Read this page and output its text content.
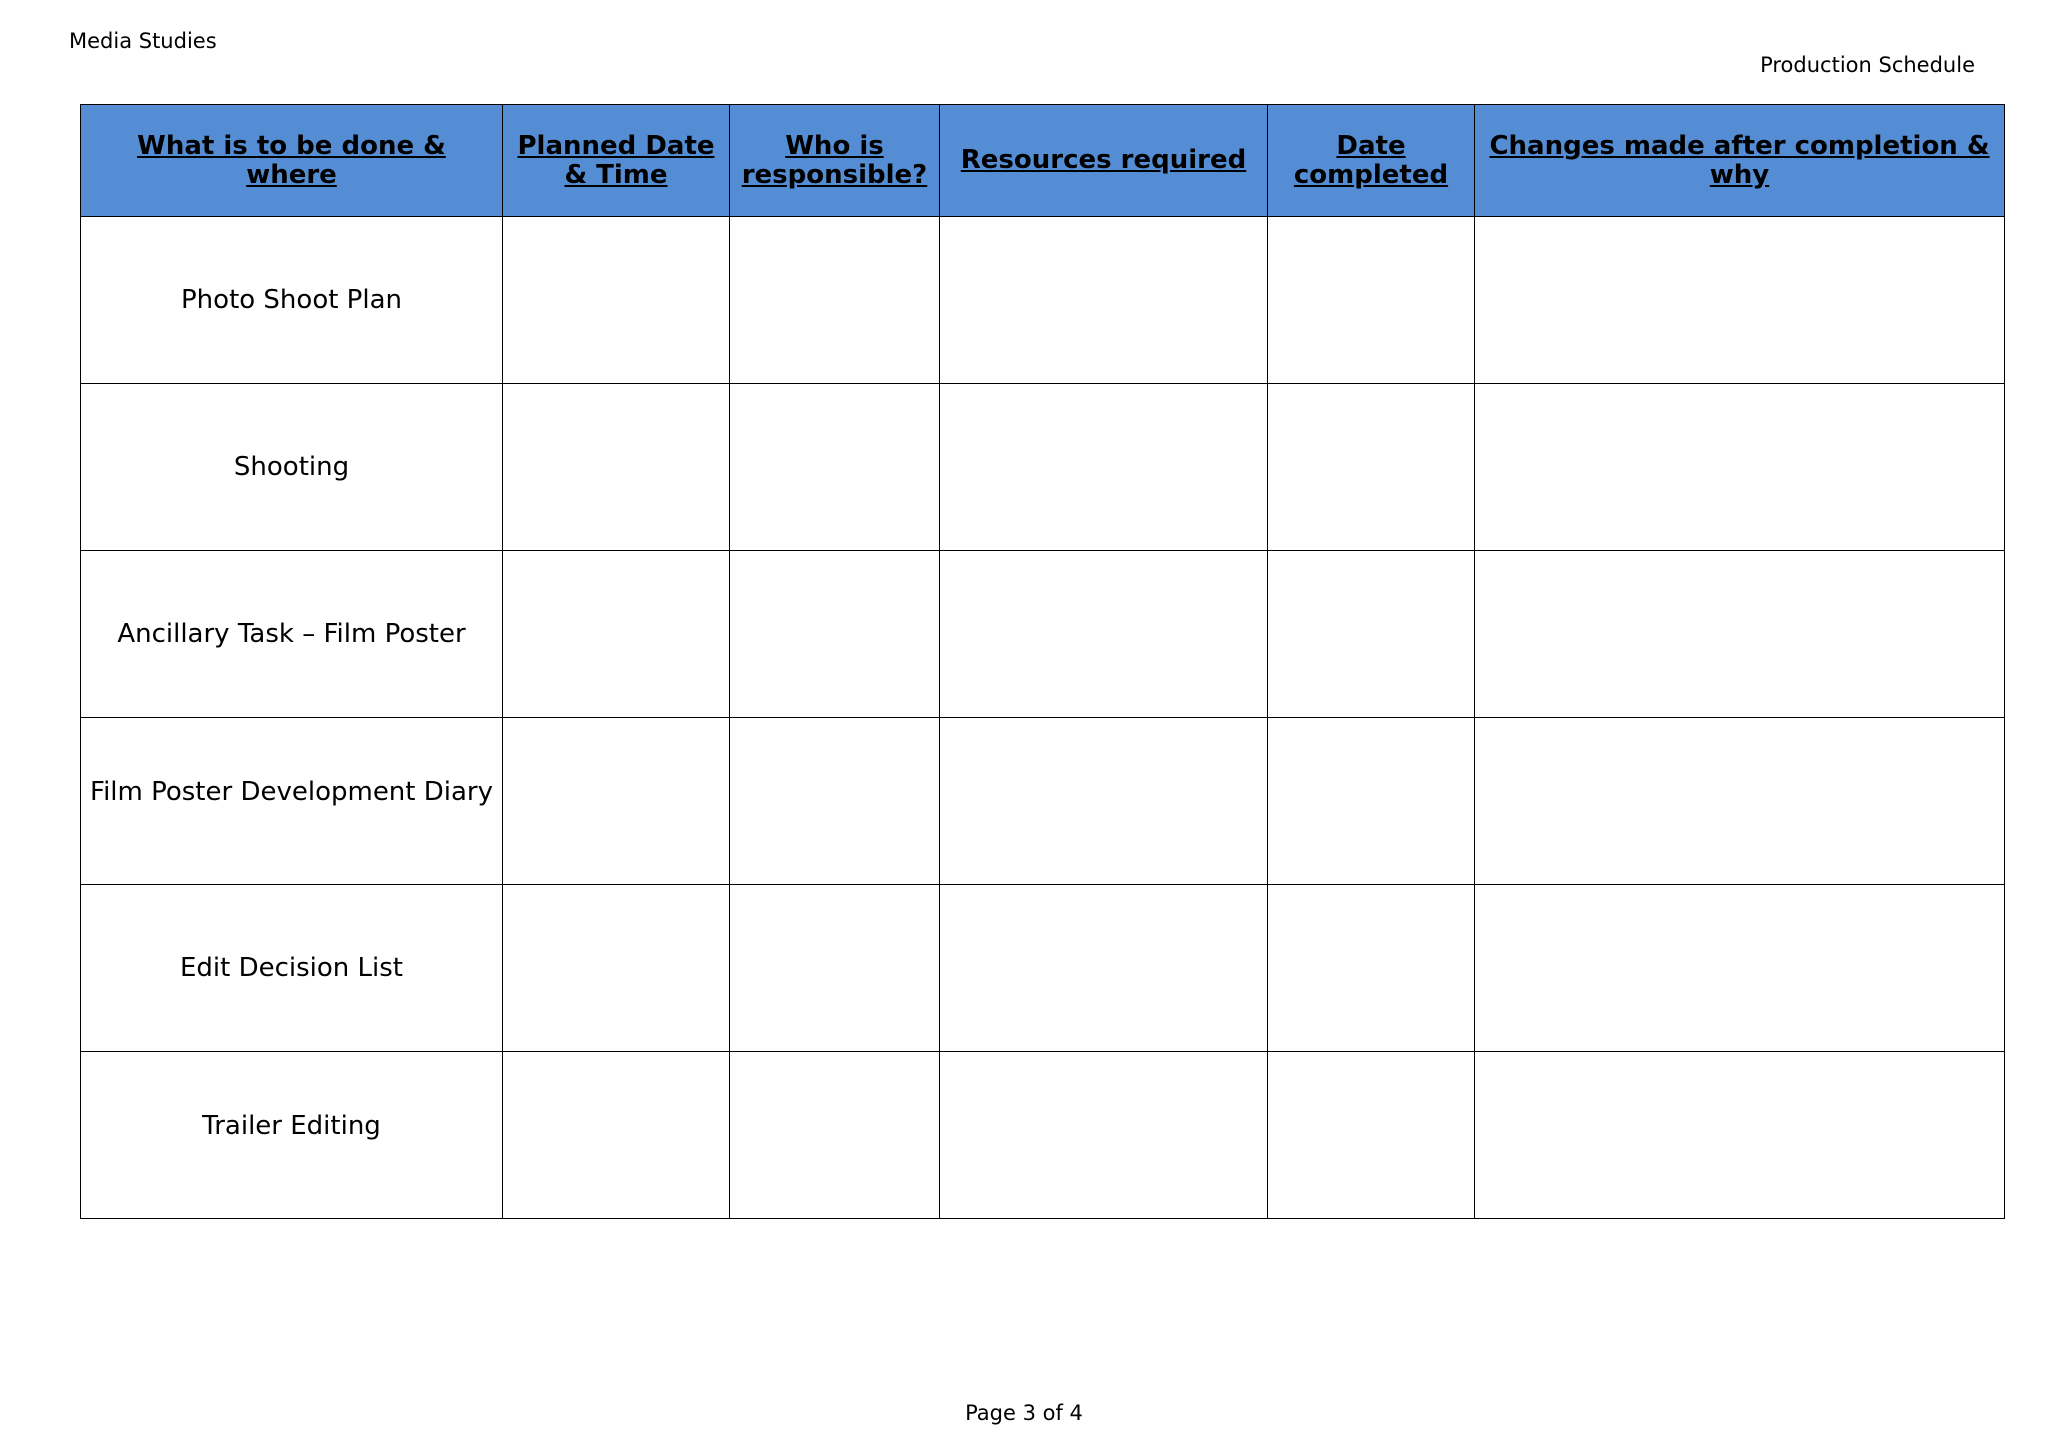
Media Studies
Production Schedule
What is to be done & where	Planned Date & Time	Who is responsible?	Resources required	Date completed	Changes made after completion & why

Photo Shoot Plan					
Shooting					
Ancillary Task – Film Poster					
Film Poster Development Diary					
Edit Decision List					
Trailer Editing					
Page 3 of 4
